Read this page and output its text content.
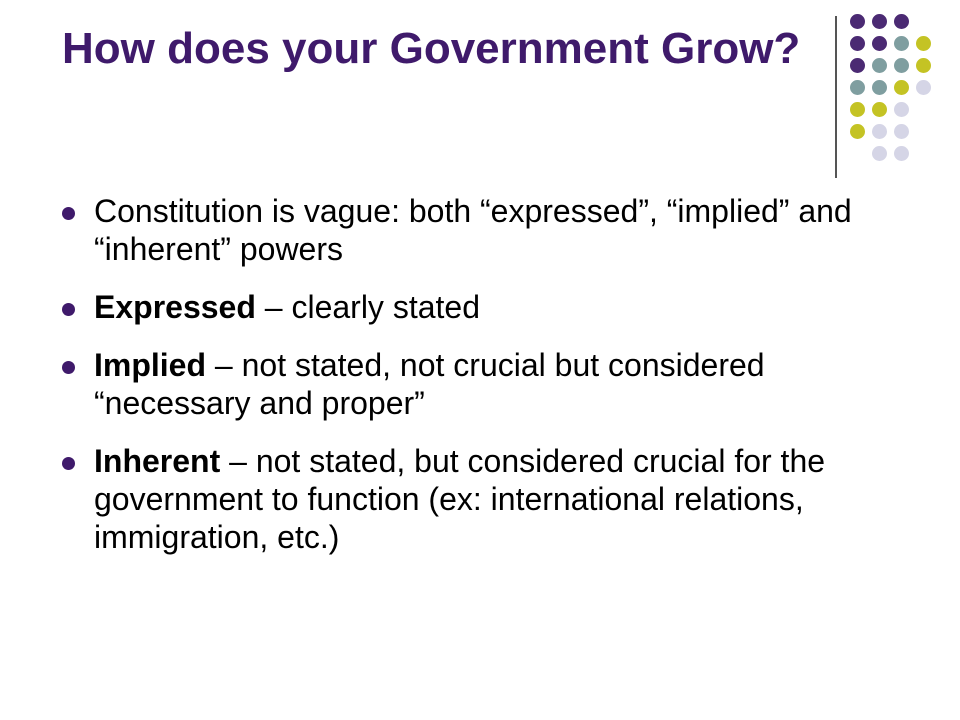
How does your Government Grow?
Constitution is vague: both “expressed”, “implied” and “inherent” powers
Expressed – clearly stated
Implied – not stated, not crucial but considered “necessary and proper”
Inherent – not stated, but considered crucial for the government to function (ex: international relations, immigration, etc.)
